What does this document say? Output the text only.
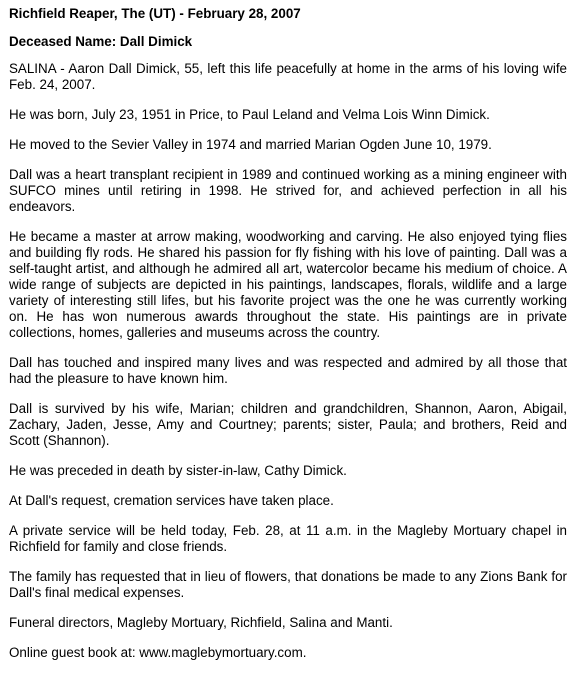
Richfield Reaper, The (UT) - February 28, 2007
Deceased Name: Dall Dimick

SALINA - Aaron Dall Dimick, 55, left this life peacefully at home in the arms of his loving wife Feb. 24, 2007.

He was born, July 23, 1951 in Price, to Paul Leland and Velma Lois Winn Dimick.

He moved to the Sevier Valley in 1974 and married Marian Ogden June 10, 1979.

Dall was a heart transplant recipient in 1989 and continued working as a mining engineer with SUFCO mines until retiring in 1998. He strived for, and achieved perfection in all his endeavors.

He became a master at arrow making, woodworking and carving. He also enjoyed tying flies and building fly rods. He shared his passion for fly fishing with his love of painting. Dall was a self-taught artist, and although he admired all art, watercolor became his medium of choice. A wide range of subjects are depicted in his paintings, landscapes, florals, wildlife and a large variety of interesting still lifes, but his favorite project was the one he was currently working on. He has won numerous awards throughout the state. His paintings are in private collections, homes, galleries and museums across the country.

Dall has touched and inspired many lives and was respected and admired by all those that had the pleasure to have known him.

Dall is survived by his wife, Marian; children and grandchildren, Shannon, Aaron, Abigail, Zachary, Jaden, Jesse, Amy and Courtney; parents; sister, Paula; and brothers, Reid and Scott (Shannon).

He was preceded in death by sister-in-law, Cathy Dimick.

At Dall's request, cremation services have taken place.

A private service will be held today, Feb. 28, at 11 a.m. in the Magleby Mortuary chapel in Richfield for family and close friends.

The family has requested that in lieu of flowers, that donations be made to any Zions Bank for Dall's final medical expenses.

Funeral directors, Magleby Mortuary, Richfield, Salina and Manti.

Online guest book at: www.maglebymortuary.com.
